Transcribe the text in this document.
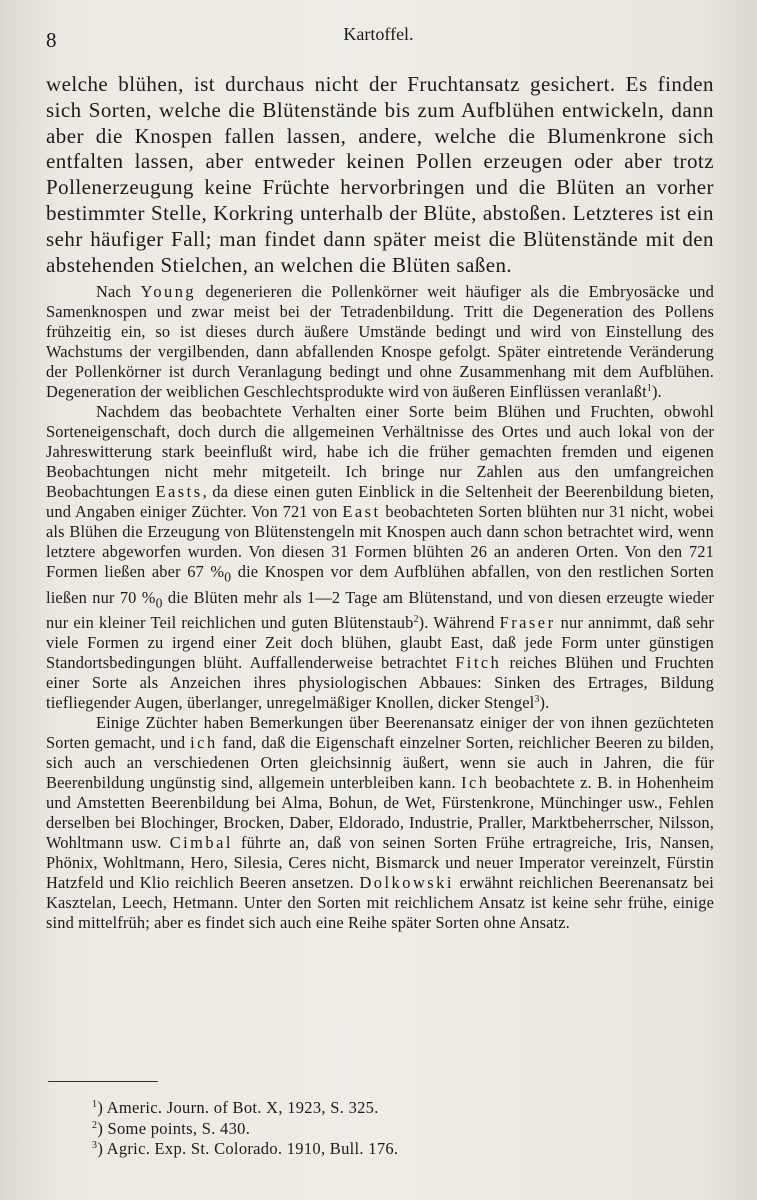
8	Kartoffel.

welche blühen, ist durchaus nicht der Fruchtansatz gesichert. Es finden sich Sorten, welche die Blütenstände bis zum Aufblühen entwickeln, dann aber die Knospen fallen lassen, andere, welche die Blumenkrone sich entfalten lassen, aber entweder keinen Pollen erzeugen oder aber trotz Pollenerzeugung keine Früchte hervorbringen und die Blüten an vorher bestimmter Stelle, Korkring unterhalb der Blüte, abstoßen. Letzteres ist ein sehr häufiger Fall; man findet dann später meist die Blütenstände mit den abstehenden Stielchen, an welchen die Blüten saßen.

Nach Young degenerieren die Pollenkörner weit häufiger als die Embryosäcke und Samenknospen und zwar meist bei der Tetradenbildung. Tritt die Degeneration des Pollens frühzeitig ein, so ist dieses durch äußere Umstände bedingt und wird von Einstellung des Wachstums der vergilbenden, dann abfallenden Knospe gefolgt. Später eintretende Veränderung der Pollenkörner ist durch Veranlagung bedingt und ohne Zusammenhang mit dem Aufblühen. Degeneration der weiblichen Geschlechtsprodukte wird von äußeren Einflüssen veranlaßt$^1$).

Nachdem das beobachtete Verhalten einer Sorte beim Blühen und Fruchten, obwohl Sorteneigenschaft, doch durch die allgemeinen Verhältnisse des Ortes und auch lokal von der Jahreswitterung stark beeinflußt wird, habe ich die früher gemachten fremden und eigenen Beobachtungen nicht mehr mitgeteilt. Ich bringe nur Zahlen aus den umfangreichen Beobachtungen Easts, da diese einen guten Einblick in die Seltenheit der Beerenbildung bieten, und Angaben einiger Züchter. Von 721 von East beobachteten Sorten blühten nur 31 nicht, wobei als Blühen die Erzeugung von Blütenstengeln mit Knospen auch dann schon betrachtet wird, wenn letztere abgeworfen wurden. Von diesen 31 Formen blühten 26 an anderen Orten. Von den 721 Formen ließen aber 67 $\%_0$ die Knospen vor dem Aufblühen abfallen, von den restlichen Sorten ließen nur 70 $\%_0$ die Blüten mehr als 1—2 Tage am Blütenstand, und von diesen erzeugte wieder nur ein kleiner Teil reichlichen und guten Blütenstaub$^2$). Während Fraser nur annimmt, daß sehr viele Formen zu irgend einer Zeit doch blühen, glaubt East, daß jede Form unter günstigen Standortsbedingungen blüht. Auffallenderweise betrachtet Fitch reiches Blühen und Fruchten einer Sorte als Anzeichen ihres physiologischen Abbaues: Sinken des Ertrages, Bildung tiefliegender Augen, überlanger, unregelmäßiger Knollen, dicker Stengel$^3$).

Einige Züchter haben Bemerkungen über Beerenansatz einiger der von ihnen gezüchteten Sorten gemacht, und ich fand, daß die Eigenschaft einzelner Sorten, reichlicher Beeren zu bilden, sich auch an verschiedenen Orten gleichsinnig äußert, wenn sie auch in Jahren, die für Beerenbildung ungünstig sind, allgemein unterbleiben kann. Ich beobachtete z. B. in Hohenheim und Amstetten Beerenbildung bei Alma, Bohun, de Wet, Fürstenkrone, Münchinger usw., Fehlen derselben bei Blochinger, Brocken, Daber, Eldorado, Industrie, Praller, Marktbeherrscher, Nilsson, Wohltmann usw. Cimbal führte an, daß von seinen Sorten Frühe ertragreiche, Iris, Nansen, Phönix, Wohltmann, Hero, Silesia, Ceres nicht, Bismarck und neuer Imperator vereinzelt, Fürstin Hatzfeld und Klio reichlich Beeren ansetzen. Dolkowski erwähnt reichlichen Beerenansatz bei Kasztelan, Leech, Hetmann. Unter den Sorten mit reichlichem Ansatz ist keine sehr frühe, einige sind mittelfrüh; aber es findet sich auch eine Reihe später Sorten ohne Ansatz.

$^1$) Americ. Journ. of Bot. X, 1923, S. 325.
$^2$) Some points, S. 430.
$^3$) Agric. Exp. St. Colorado. 1910, Bull. 176.
